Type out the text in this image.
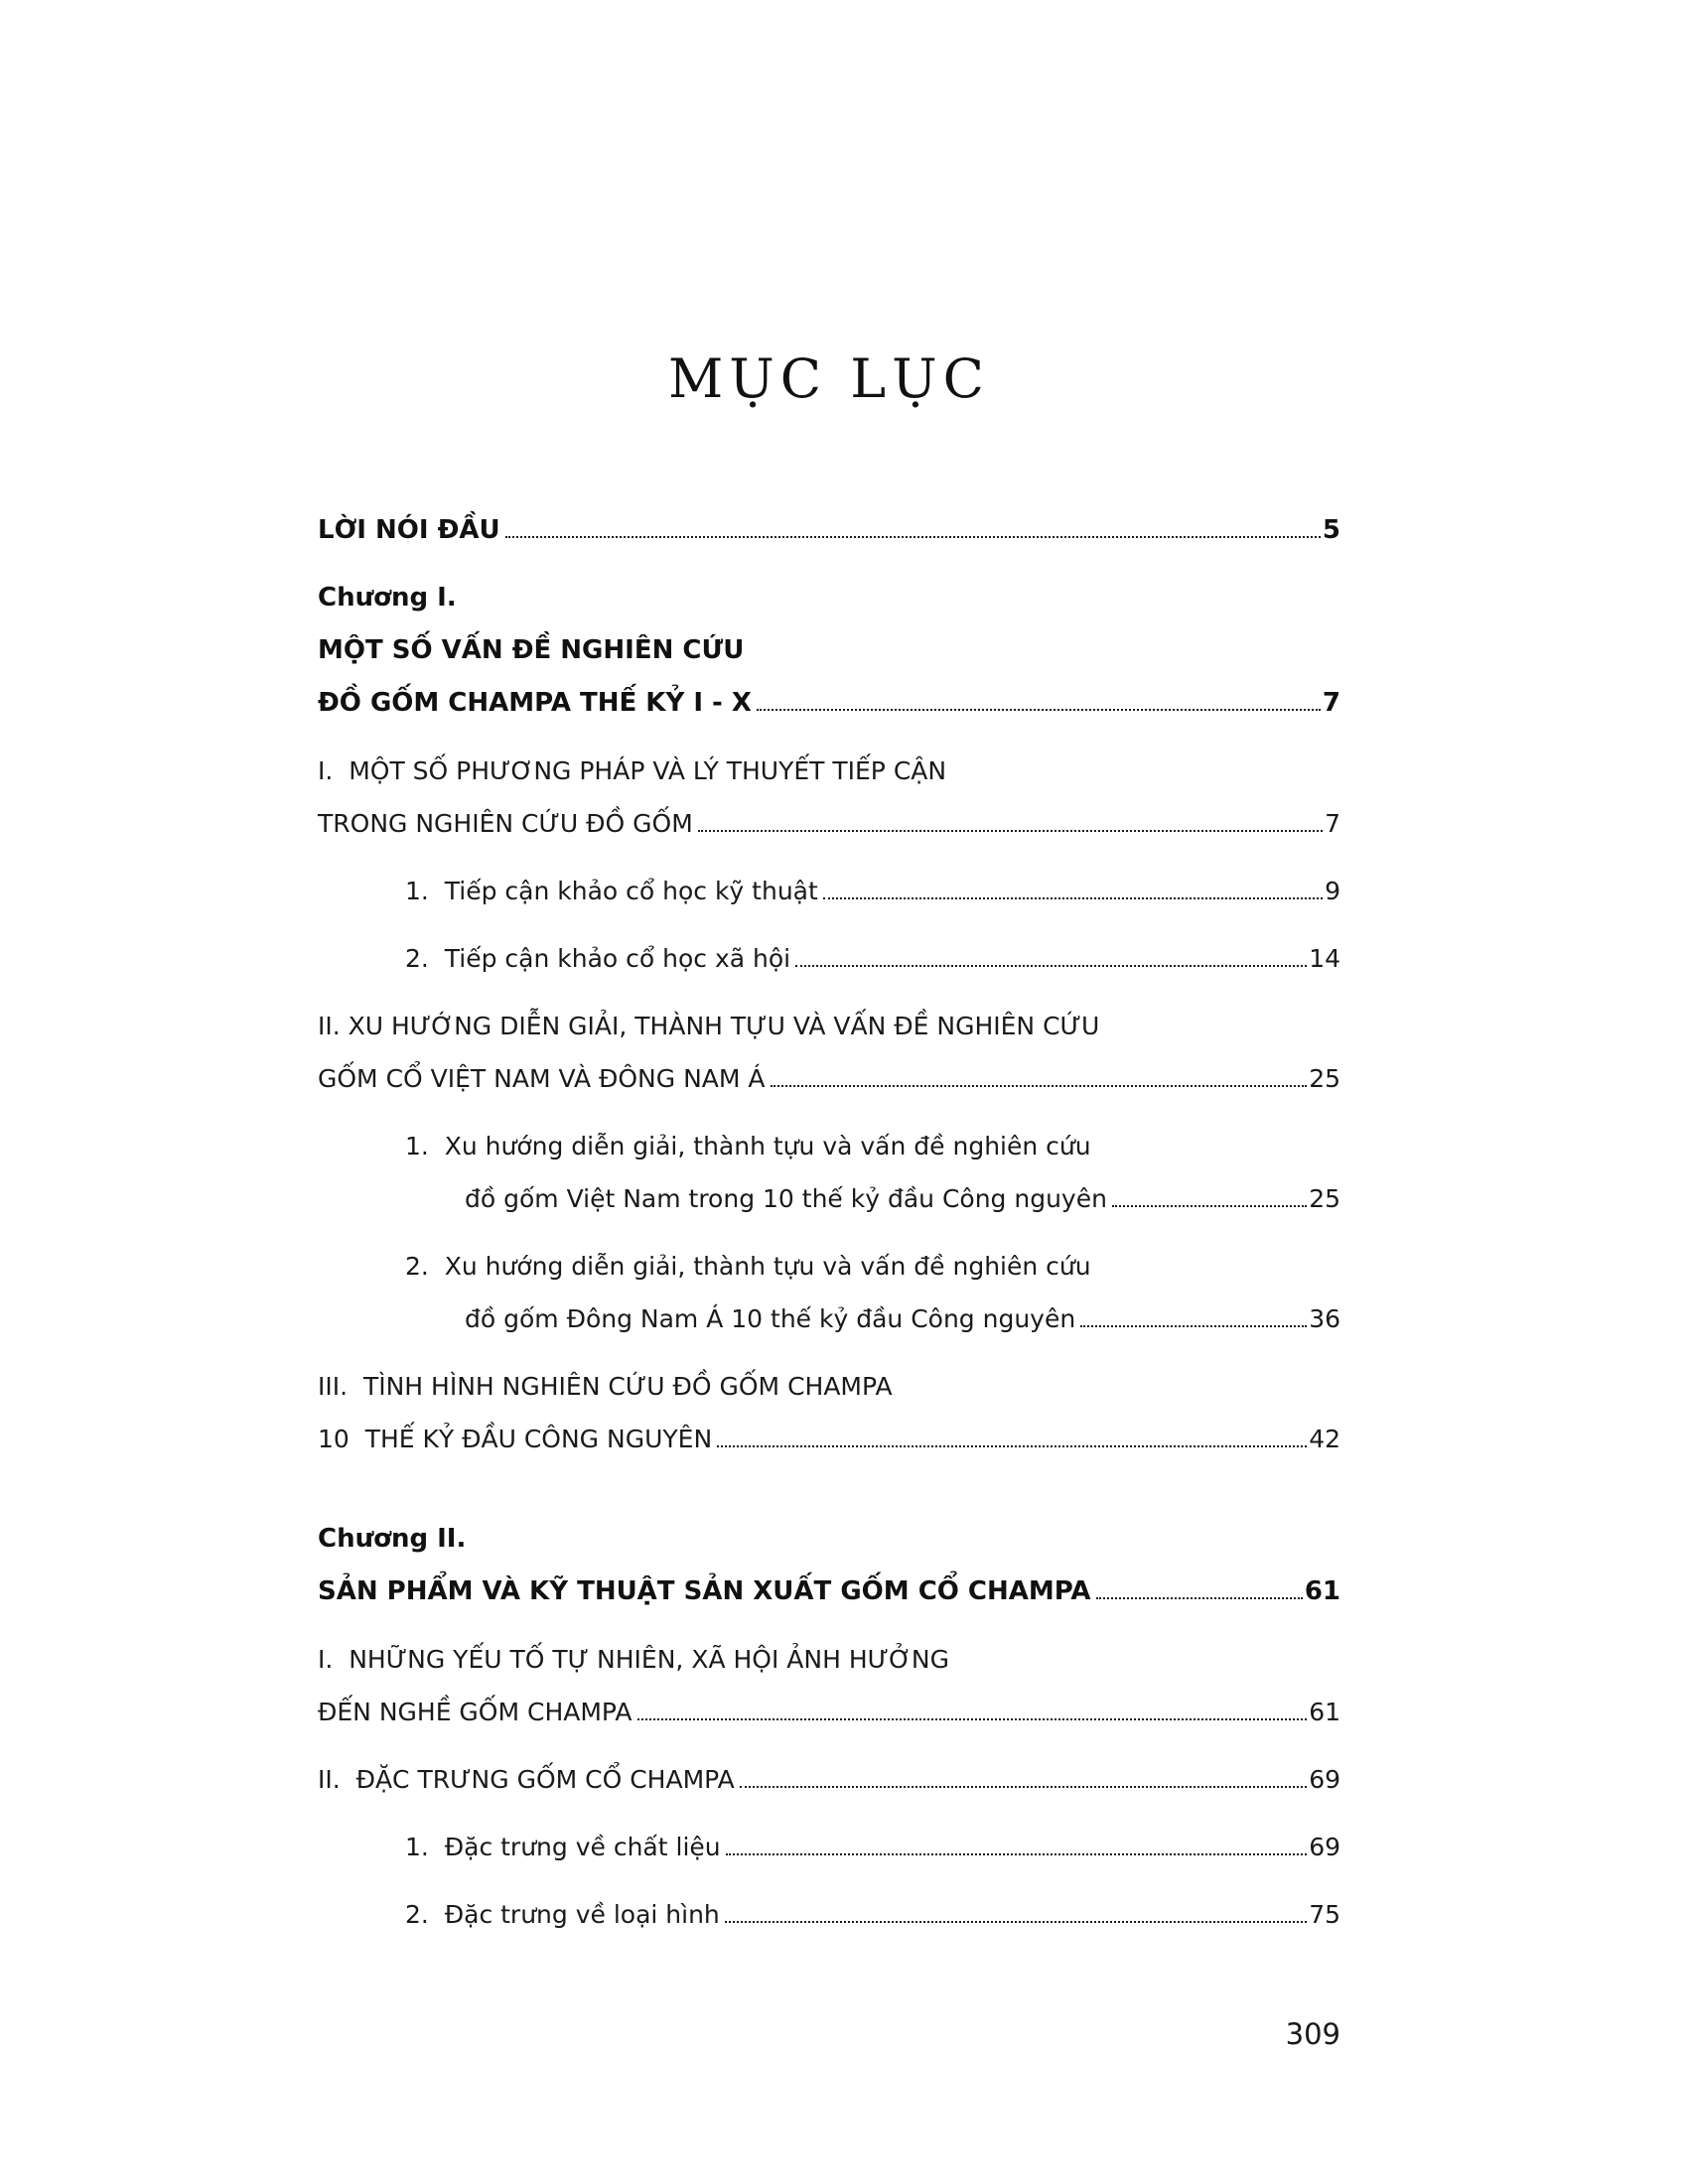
MỤC LỤC
LỜI NÓI ĐẦU	5
Chương I.
MỘT SỐ VẤN ĐỀ NGHIÊN CỨU
ĐỒ GỐM CHAMPA THẾ KỶ I - X	7
I.  MỘT SỐ PHƯƠNG PHÁP VÀ LÝ THUYẾT TIẾP CẬN
TRONG NGHIÊN CỨU ĐỒ GỐM	7
1.  Tiếp cận khảo cổ học kỹ thuật	9
2.  Tiếp cận khảo cổ học xã hội	14
II. XU HƯỚNG DIỄN GIẢI, THÀNH TỰU VÀ VẤN ĐỀ NGHIÊN CỨU
GỐM CỔ VIỆT NAM VÀ ĐÔNG NAM Á	25
1.  Xu hướng diễn giải, thành tựu và vấn đề nghiên cứu
đồ gốm Việt Nam trong 10 thế kỷ đầu Công nguyên	25
2.  Xu hướng diễn giải, thành tựu và vấn đề nghiên cứu
đồ gốm Đông Nam Á 10 thế kỷ đầu Công nguyên	36
III.  TÌNH HÌNH NGHIÊN CỨU ĐỒ GỐM CHAMPA
10  THẾ KỶ ĐẦU CÔNG NGUYÊN	42
Chương II.
SẢN PHẨM VÀ KỸ THUẬT SẢN XUẤT GỐM CỔ CHAMPA	61
I.  NHỮNG YẾU TỐ TỰ NHIÊN, XÃ HỘI ẢNH HƯỞNG
ĐẾN NGHỀ GỐM CHAMPA	61
II.  ĐẶC TRƯNG GỐM CỔ CHAMPA	69
1.  Đặc trưng về chất liệu	69
2.  Đặc trưng về loại hình	75
309
